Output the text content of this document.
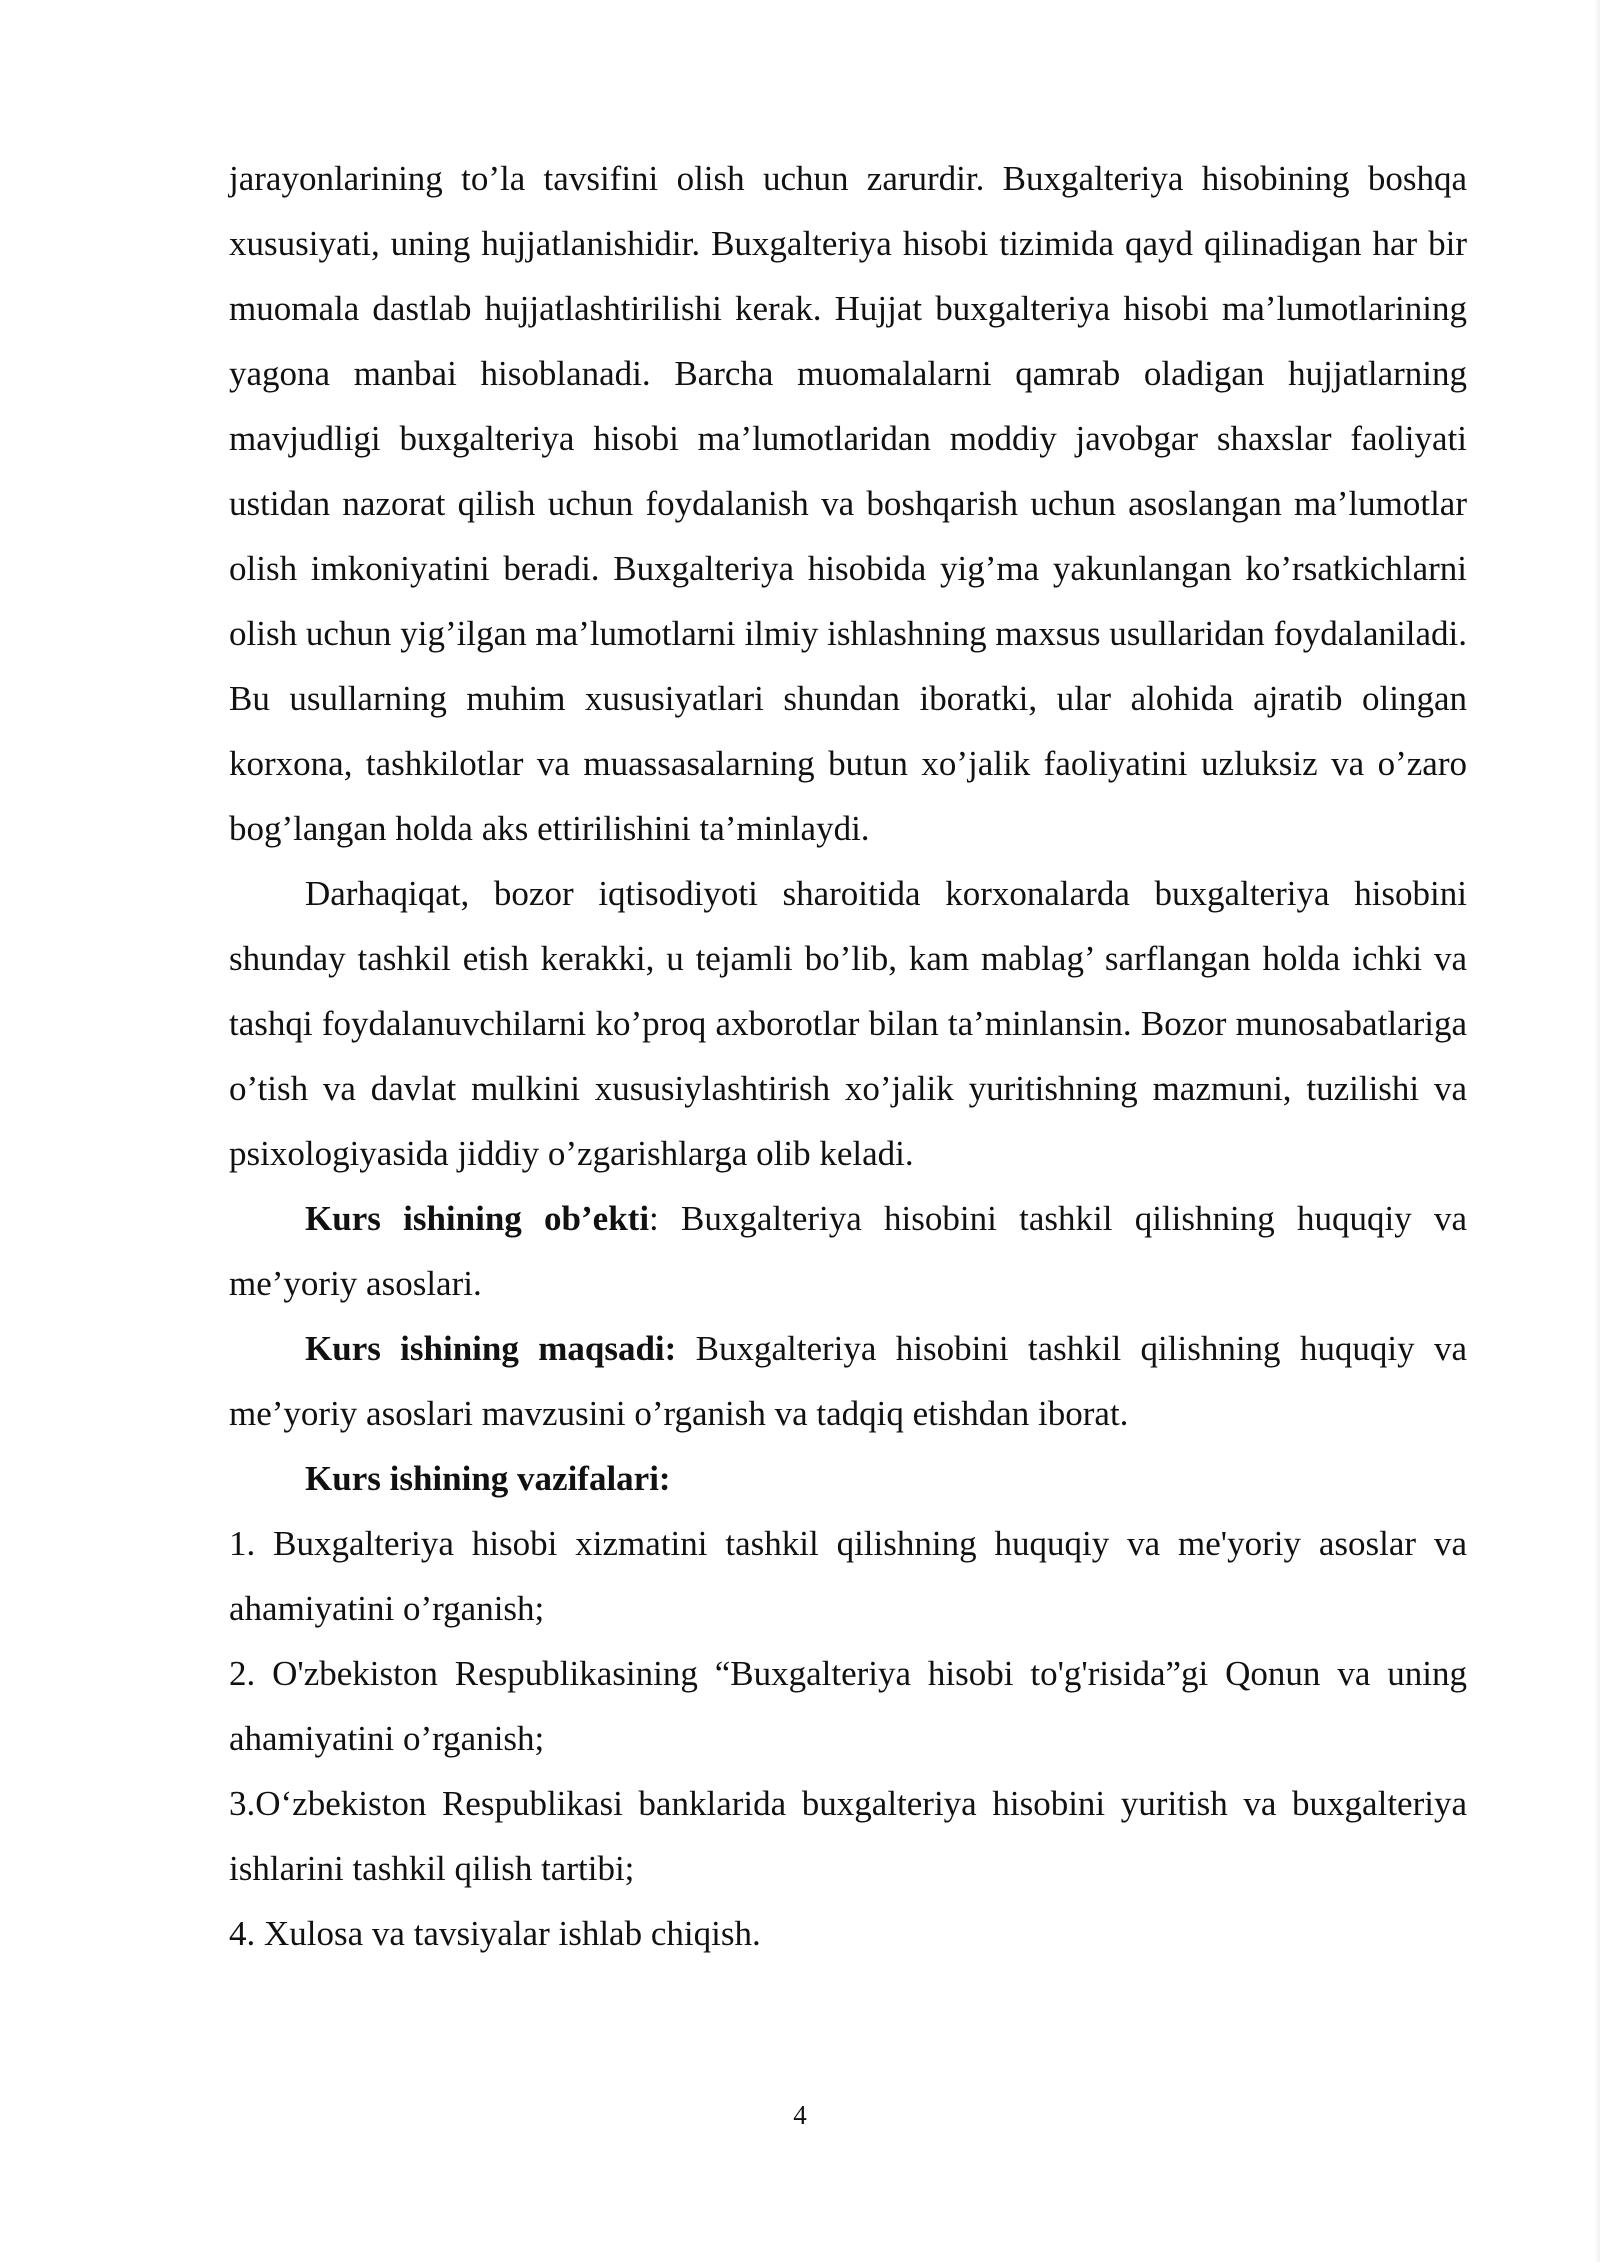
jarayonlarining to’la tavsifini olish uchun zarurdir. Buxgalteriya hisobining boshqa xususiyati, uning hujjatlanishidir. Buxgalteriya hisobi tizimida qayd qilinadigan har bir muomala dastlab hujjatlashtirilishi kerak. Hujjat buxgalteriya hisobi ma’lumotlarining yagona manbai hisoblanadi. Barcha muomalalarni qamrab oladigan hujjatlarning mavjudligi buxgalteriya hisobi ma’lumotlaridan moddiy javobgar shaxslar faoliyati ustidan nazorat qilish uchun foydalanish va boshqarish uchun asoslangan ma’lumotlar olish imkoniyatini beradi. Buxgalteriya hisobida yig’ma yakunlangan ko’rsatkichlarni olish uchun yig’ilgan ma’lumotlarni ilmiy ishlashning maxsus usullaridan foydalaniladi. Bu usullarning muhim xususiyatlari shundan iboratki, ular alohida ajratib olingan korxona, tashkilotlar va muassasalarning butun xo’jalik faoliyatini uzluksiz va o’zaro bog’langan holda aks ettirilishini ta’minlaydi.

Darhaqiqat, bozor iqtisodiyoti sharoitida korxonalarda buxgalteriya hisobini shunday tashkil etish kerakki, u tejamli bo’lib, kam mablag’ sarflangan holda ichki va tashqi foydalanuvchilarni ko’proq axborotlar bilan ta’minlansin. Bozor munosabatlariga o’tish va davlat mulkini xususiylashtirish xo’jalik yuritishning mazmuni, tuzilishi va psixologiyasida jiddiy o’zgarishlarga olib keladi.

Kurs ishining ob’ekti: Buxgalteriya hisobini tashkil qilishning huquqiy va me’yoriy asoslari.

Kurs ishining maqsadi: Buxgalteriya hisobini tashkil qilishning huquqiy va me’yoriy asoslari mavzusini o’rganish va tadqiq etishdan iborat.

Kurs ishining vazifalari:

1. Buxgalteriya hisobi xizmatini tashkil qilishning huquqiy va me'yoriy asoslar va ahamiyatini o’rganish;

2. O'zbekiston Respublikasining “Buxgalteriya hisobi to'g'risida”gi Qonun va uning ahamiyatini o’rganish;

3.O‘zbekiston Respublikasi banklarida buxgalteriya hisobini yuritish va buxgalteriya ishlarini tashkil qilish tartibi;

4. Xulosa va tavsiyalar ishlab chiqish.

4
